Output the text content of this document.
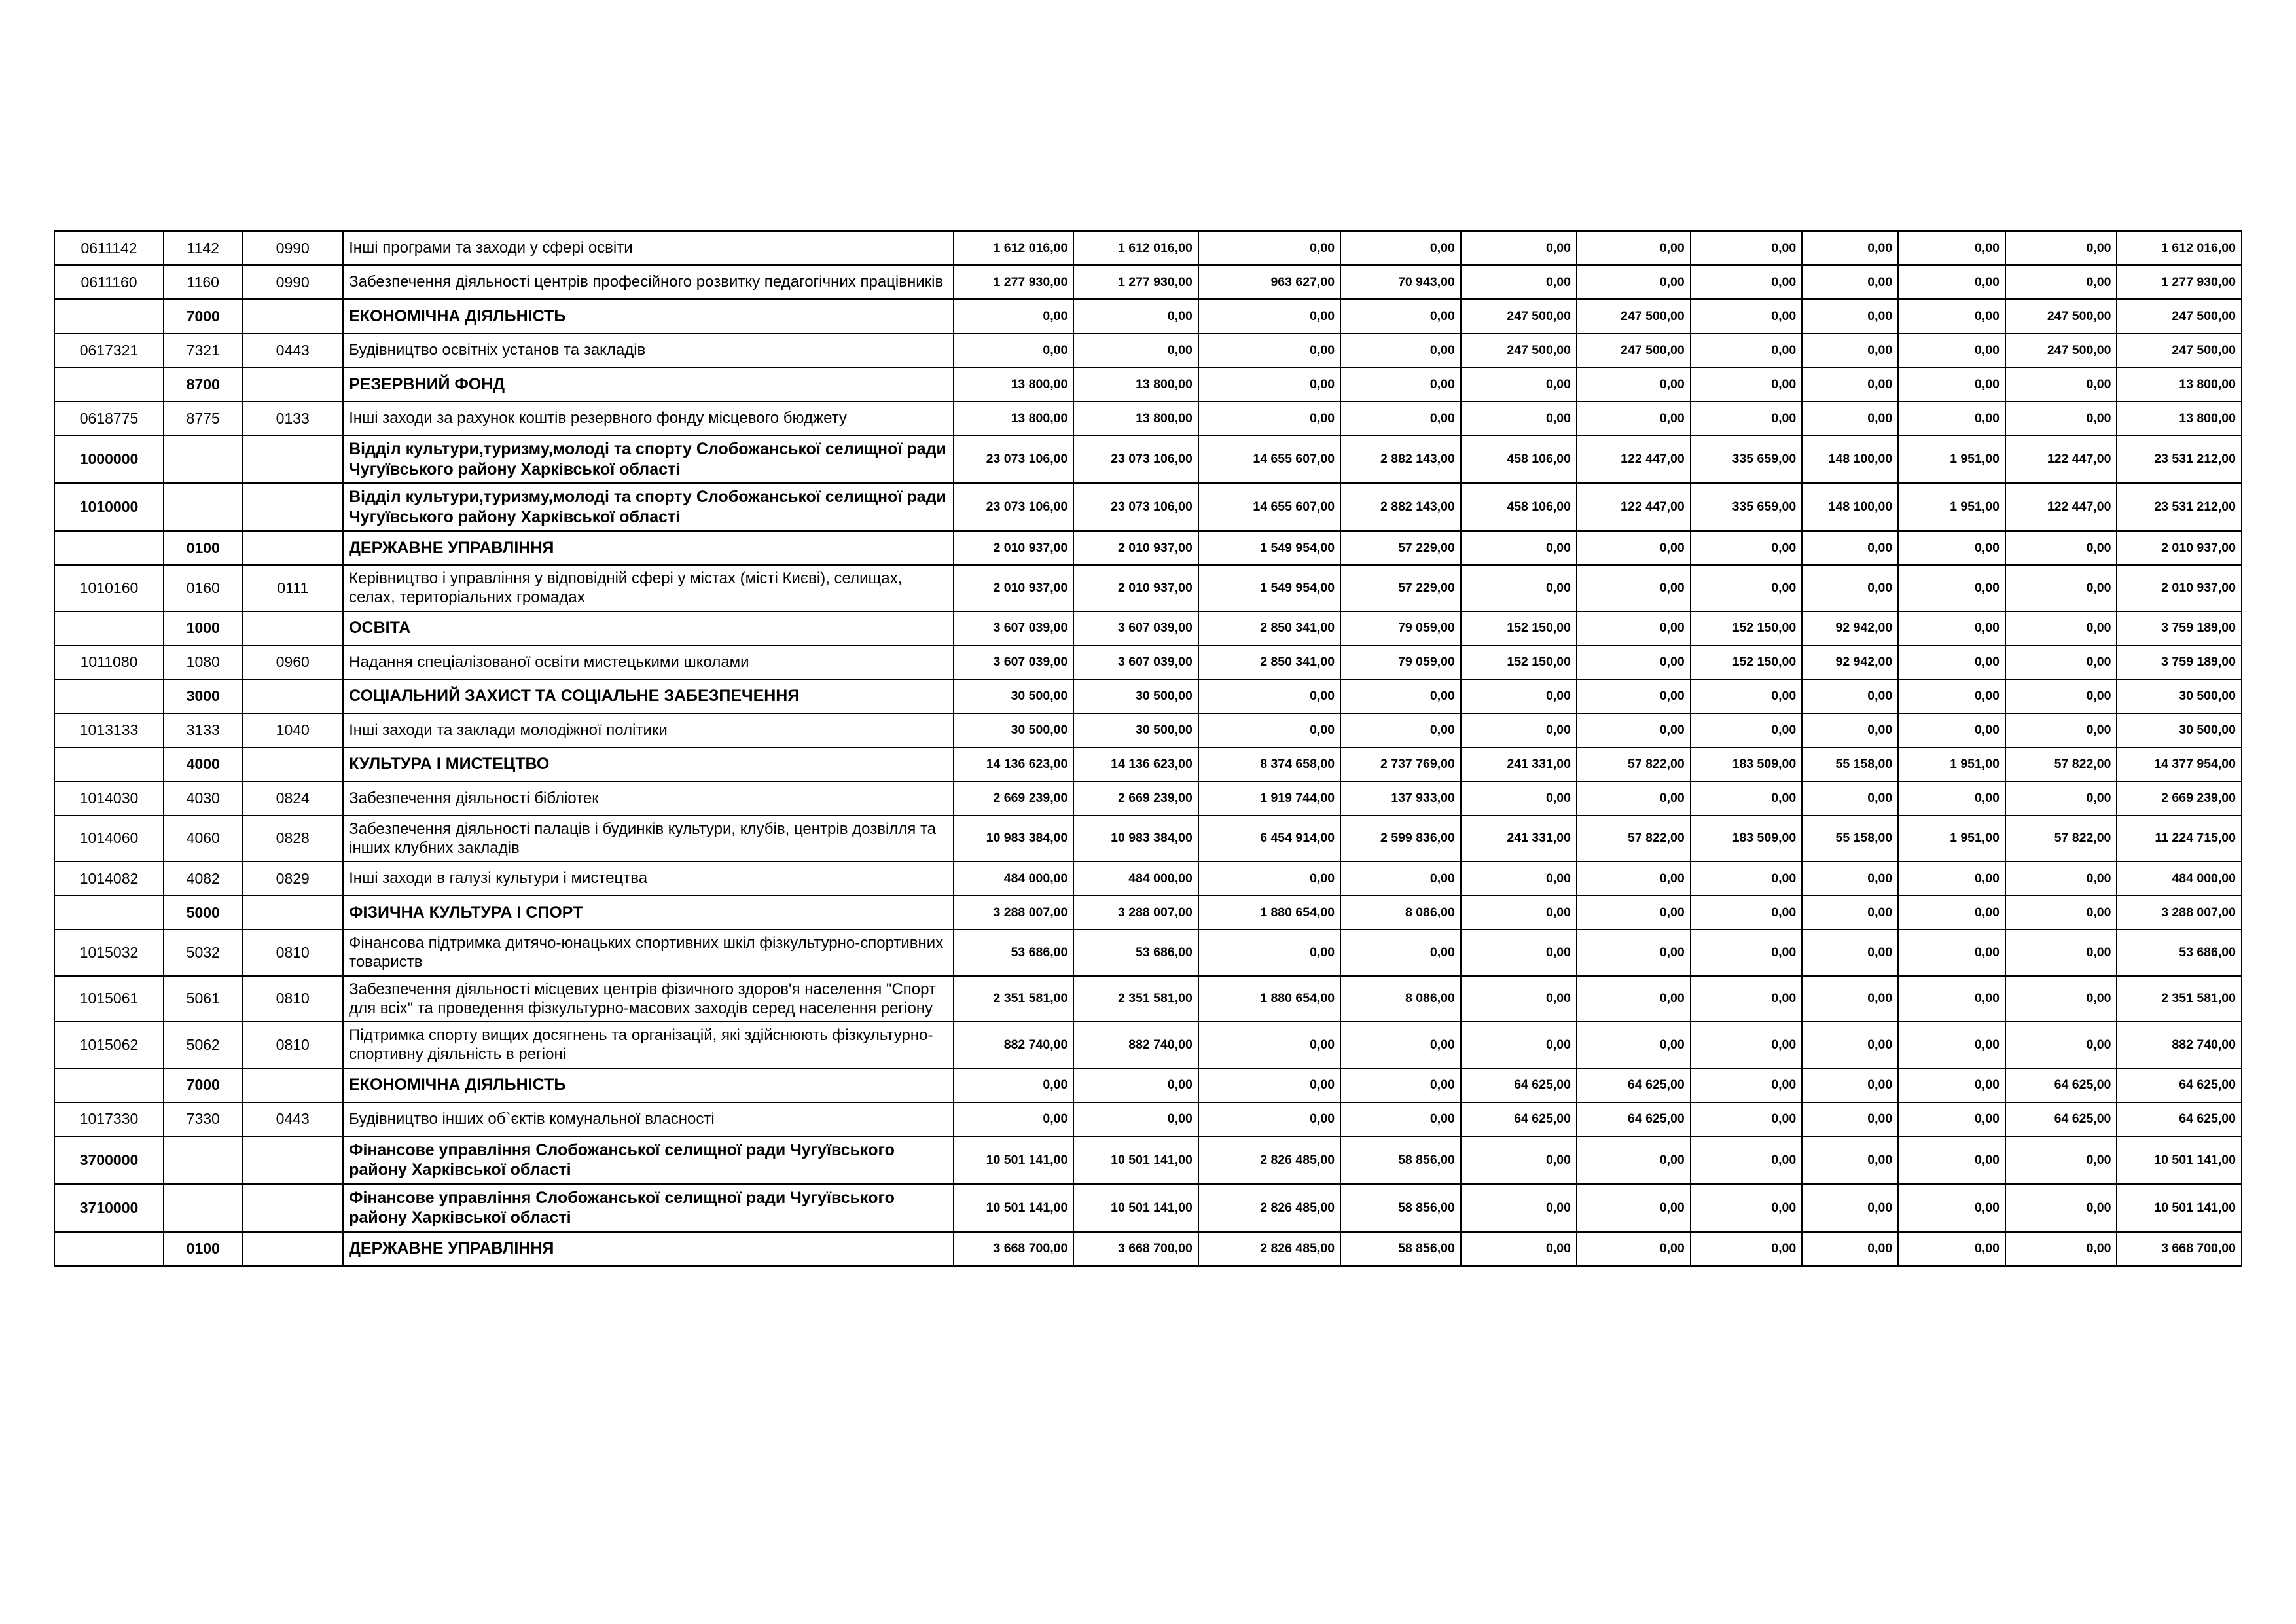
0611142	1142	0990	Інші програми та заходи у сфері освіти	1 612 016,00	1 612 016,00	0,00	0,00	0,00	0,00	0,00	0,00	0,00	0,00	1 612 016,00
0611160	1160	0990	Забезпечення діяльності центрів професійного розвитку педагогічних працівників	1 277 930,00	1 277 930,00	963 627,00	70 943,00	0,00	0,00	0,00	0,00	0,00	0,00	1 277 930,00
	7000		ЕКОНОМІЧНА ДІЯЛЬНІСТЬ	0,00	0,00	0,00	0,00	247 500,00	247 500,00	0,00	0,00	0,00	247 500,00	247 500,00
0617321	7321	0443	Будівництво освітніх установ та закладів	0,00	0,00	0,00	0,00	247 500,00	247 500,00	0,00	0,00	0,00	247 500,00	247 500,00
	8700		РЕЗЕРВНИЙ ФОНД	13 800,00	13 800,00	0,00	0,00	0,00	0,00	0,00	0,00	0,00	0,00	13 800,00
0618775	8775	0133	Інші заходи за рахунок коштів резервного фонду місцевого бюджету	13 800,00	13 800,00	0,00	0,00	0,00	0,00	0,00	0,00	0,00	0,00	13 800,00
1000000			Відділ культури,туризму,молоді та спорту Слобожанської селищної ради Чугуївського району Харківської області	23 073 106,00	23 073 106,00	14 655 607,00	2 882 143,00	458 106,00	122 447,00	335 659,00	148 100,00	1 951,00	122 447,00	23 531 212,00
1010000			Відділ культури,туризму,молоді та спорту Слобожанської селищної ради Чугуївського району Харківської області	23 073 106,00	23 073 106,00	14 655 607,00	2 882 143,00	458 106,00	122 447,00	335 659,00	148 100,00	1 951,00	122 447,00	23 531 212,00
	0100		ДЕРЖАВНЕ УПРАВЛІННЯ	2 010 937,00	2 010 937,00	1 549 954,00	57 229,00	0,00	0,00	0,00	0,00	0,00	0,00	2 010 937,00
1010160	0160	0111	Керівництво і управління у відповідній сфері у містах (місті Києві), селищах, селах, територіальних громадах	2 010 937,00	2 010 937,00	1 549 954,00	57 229,00	0,00	0,00	0,00	0,00	0,00	0,00	2 010 937,00
	1000		ОСВІТА	3 607 039,00	3 607 039,00	2 850 341,00	79 059,00	152 150,00	0,00	152 150,00	92 942,00	0,00	0,00	3 759 189,00
1011080	1080	0960	Надання спеціалізованої освіти мистецькими школами	3 607 039,00	3 607 039,00	2 850 341,00	79 059,00	152 150,00	0,00	152 150,00	92 942,00	0,00	0,00	3 759 189,00
	3000		СОЦІАЛЬНИЙ ЗАХИСТ ТА СОЦІАЛЬНЕ ЗАБЕЗПЕЧЕННЯ	30 500,00	30 500,00	0,00	0,00	0,00	0,00	0,00	0,00	0,00	0,00	30 500,00
1013133	3133	1040	Інші заходи та заклади молодіжної політики	30 500,00	30 500,00	0,00	0,00	0,00	0,00	0,00	0,00	0,00	0,00	30 500,00
	4000		КУЛЬТУРА І МИСТЕЦТВО	14 136 623,00	14 136 623,00	8 374 658,00	2 737 769,00	241 331,00	57 822,00	183 509,00	55 158,00	1 951,00	57 822,00	14 377 954,00
1014030	4030	0824	Забезпечення діяльності бібліотек	2 669 239,00	2 669 239,00	1 919 744,00	137 933,00	0,00	0,00	0,00	0,00	0,00	0,00	2 669 239,00
1014060	4060	0828	Забезпечення діяльності палаців і будинків культури, клубів, центрів дозвілля та інших клубних закладів	10 983 384,00	10 983 384,00	6 454 914,00	2 599 836,00	241 331,00	57 822,00	183 509,00	55 158,00	1 951,00	57 822,00	11 224 715,00
1014082	4082	0829	Інші заходи в галузі культури і мистецтва	484 000,00	484 000,00	0,00	0,00	0,00	0,00	0,00	0,00	0,00	0,00	484 000,00
	5000		ФІЗИЧНА КУЛЬТУРА І СПОРТ	3 288 007,00	3 288 007,00	1 880 654,00	8 086,00	0,00	0,00	0,00	0,00	0,00	0,00	3 288 007,00
1015032	5032	0810	Фінансова підтримка дитячо-юнацьких спортивних шкіл фізкультурно-спортивних товариств	53 686,00	53 686,00	0,00	0,00	0,00	0,00	0,00	0,00	0,00	0,00	53 686,00
1015061	5061	0810	Забезпечення діяльності місцевих центрів фізичного здоров'я населення "Спорт для всіх" та проведення фізкультурно-масових заходів серед населення регіону	2 351 581,00	2 351 581,00	1 880 654,00	8 086,00	0,00	0,00	0,00	0,00	0,00	0,00	2 351 581,00
1015062	5062	0810	Підтримка спорту вищих досягнень та організацій, які здійснюють фізкультурно-спортивну діяльність в регіоні	882 740,00	882 740,00	0,00	0,00	0,00	0,00	0,00	0,00	0,00	0,00	882 740,00
	7000		ЕКОНОМІЧНА ДІЯЛЬНІСТЬ	0,00	0,00	0,00	0,00	64 625,00	64 625,00	0,00	0,00	0,00	64 625,00	64 625,00
1017330	7330	0443	Будівництво інших об`єктів комунальної власності	0,00	0,00	0,00	0,00	64 625,00	64 625,00	0,00	0,00	0,00	64 625,00	64 625,00
3700000			Фінансове управління Слобожанської селищної ради Чугуївського району Харківської області	10 501 141,00	10 501 141,00	2 826 485,00	58 856,00	0,00	0,00	0,00	0,00	0,00	0,00	10 501 141,00
3710000			Фінансове управління Слобожанської селищної ради Чугуївського району Харківської області	10 501 141,00	10 501 141,00	2 826 485,00	58 856,00	0,00	0,00	0,00	0,00	0,00	0,00	10 501 141,00
	0100		ДЕРЖАВНЕ УПРАВЛІННЯ	3 668 700,00	3 668 700,00	2 826 485,00	58 856,00	0,00	0,00	0,00	0,00	0,00	0,00	3 668 700,00
